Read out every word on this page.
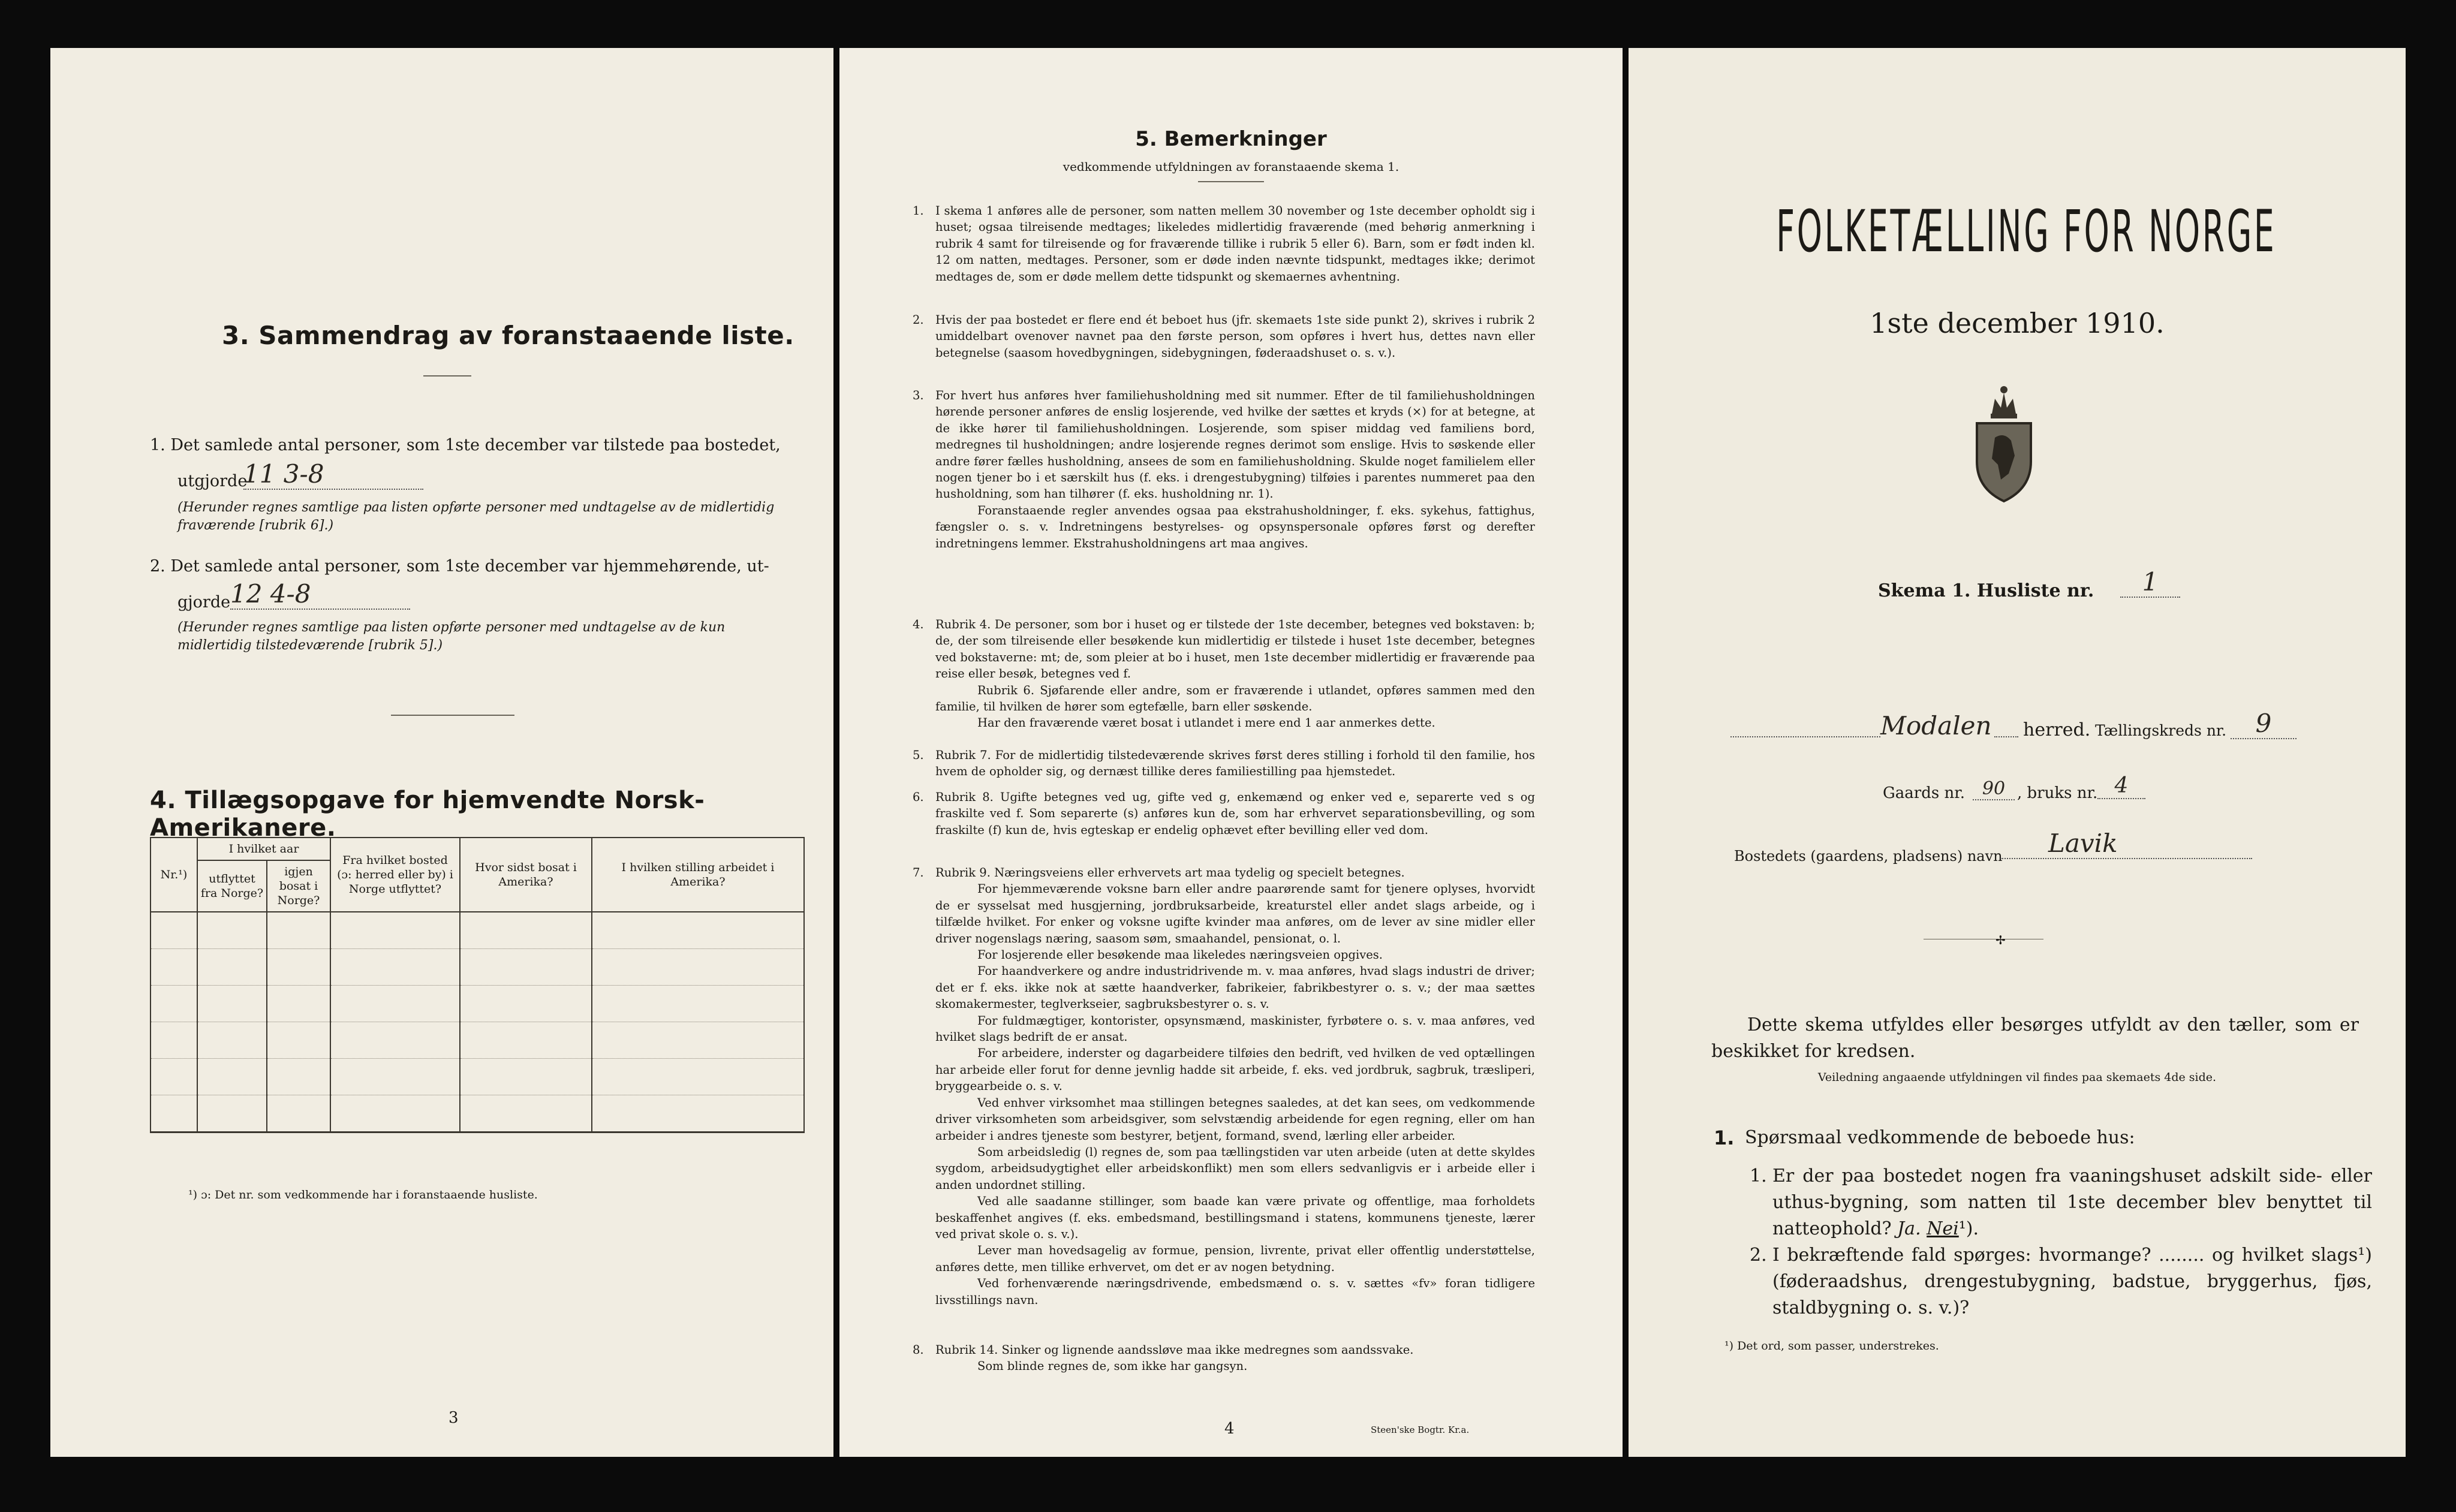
3. Sammendrag av foranstaaende liste.
1. Det samlede antal personer, som 1ste december var tilstede paa bostedet,
utgjorde
11 3-8
(Herunder regnes samtlige paa listen opførte personer med undtagelse av de midlertidig fraværende [rubrik 6].)
2. Det samlede antal personer, som 1ste december var hjemmehørende, ut-
gjorde 12 4-8
(Herunder regnes samtlige paa listen opførte personer med undtagelse av de kun midlertidig tilstedeværende [rubrik 5].)
4. Tillægsopgave for hjemvendte Norsk-Amerikanere.
Nr.¹)	I hvilket aar		Fra hvilket bosted (ɔ: herred eller by) i Norge utflyttet?	Hvor sidst bosat i Amerika?	I hvilken stilling arbeidet i Amerika?
	utflyttet fra Norge?	igjen bosat i Norge?			

¹) ɔ: Det nr. som vedkommende har i foranstaaende husliste.
3
5. Bemerkninger
vedkommende utfyldningen av foranstaaende skema 1.
1. I skema 1 anføres alle de personer, som natten mellem 30 november og 1ste december opholdt sig i huset; ogsaa tilreisende medtages; likeledes midlertidig fraværende (med behørig anmerkning i rubrik 4 samt for tilreisende og for fraværende tillike i rubrik 5 eller 6). Barn, som er født inden kl. 12 om natten, medtages. Personer, som er døde inden nævnte tidspunkt, medtages ikke; derimot medtages de, som er døde mellem dette tidspunkt og skemaernes avhentning.

2. Hvis der paa bostedet er flere end ét beboet hus (jfr. skemaets 1ste side punkt 2), skrives i rubrik 2 umiddelbart ovenover navnet paa den første person, som opføres i hvert hus, dettes navn eller betegnelse (saasom hovedbygningen, sidebygningen, føderaadshuset o. s. v.).

3. For hvert hus anføres hver familiehusholdning med sit nummer. Efter de til familiehusholdningen hørende personer anføres de enslig losjerende, ved hvilke der sættes et kryds (×) for at betegne, at de ikke hører til familiehusholdningen. Losjerende, som spiser middag ved familiens bord, medregnes til husholdningen; andre losjerende regnes derimot som enslige. Hvis to søskende eller andre fører fælles husholdning, ansees de som en familiehusholdning. Skulde noget familielem eller nogen tjener bo i et særskilt hus (f. eks. i drengestubygning) tilføies i parentes nummeret paa den husholdning, som han tilhører (f. eks. husholdning nr. 1).

Foranstaaende regler anvendes ogsaa paa ekstrahusholdninger, f. eks. sykehus, fattighus, fængsler o. s. v. Indretningens bestyrelses- og opsynspersonale opføres først og derefter indretningens lemmer. Ekstrahusholdningens art maa angives.

4. Rubrik 4. De personer, som bor i huset og er tilstede der 1ste december, betegnes ved bokstaven: b; de, der som tilreisende eller besøkende kun midlertidig er tilstede i huset 1ste december, betegnes ved bokstaverne: mt; de, som pleier at bo i huset, men 1ste december midlertidig er fraværende paa reise eller besøk, betegnes ved f.

Rubrik 6. Sjøfarende eller andre, som er fraværende i utlandet, opføres sammen med den familie, til hvilken de hører som egtefælle, barn eller søskende.

Har den fraværende været bosat i utlandet i mere end 1 aar anmerkes dette.

5. Rubrik 7. For de midlertidig tilstedeværende skrives først deres stilling i forhold til den familie, hos hvem de opholder sig, og dernæst tillike deres familiestilling paa hjemstedet.

6. Rubrik 8. Ugifte betegnes ved ug, gifte ved g, enkemænd og enker ved e, separerte ved s og fraskilte ved f. Som separerte (s) anføres kun de, som har erhvervet separationsbevilling, og som fraskilte (f) kun de, hvis egteskap er endelig ophævet efter bevilling eller ved dom.

7. Rubrik 9. Næringsveiens eller erhvervets art maa tydelig og specielt betegnes.

For hjemmeværende voksne barn eller andre paarørende samt for tjenere oplyses, hvorvidt de er sysselsat med husgjerning, jordbruksarbeide, kreaturstel eller andet slags arbeide, og i tilfælde hvilket. For enker og voksne ugifte kvinder maa anføres, om de lever av sine midler eller driver nogenslags næring, saasom søm, smaahandel, pensionat, o. l.

For losjerende eller besøkende maa likeledes næringsveien opgives.

For haandverkere og andre industridrivende m. v. maa anføres, hvad slags industri de driver; det er f. eks. ikke nok at sætte haandverker, fabrikeier, fabrikbestyrer o. s. v.; der maa sættes skomakermester, teglverkseier, sagbruksbestyrer o. s. v.

For fuldmægtiger, kontorister, opsynsmænd, maskinister, fyrbøtere o. s. v. maa anføres, ved hvilket slags bedrift de er ansat.

For arbeidere, inderster og dagarbeidere tilføies den bedrift, ved hvilken de ved optællingen har arbeide eller forut for denne jevnlig hadde sit arbeide, f. eks. ved jordbruk, sagbruk, træsliperi, bryggearbeide o. s. v.

Ved enhver virksomhet maa stillingen betegnes saaledes, at det kan sees, om vedkommende driver virksomheten som arbeidsgiver, som selvstændig arbeidende for egen regning, eller om han arbeider i andres tjeneste som bestyrer, betjent, formand, svend, lærling eller arbeider.

Som arbeidsledig (l) regnes de, som paa tællingstiden var uten arbeide (uten at dette skyldes sygdom, arbeidsudygtighet eller arbeidskonflikt) men som ellers sedvanligvis er i arbeide eller i anden undordnet stilling.

Ved alle saadanne stillinger, som baade kan være private og offentlige, maa forholdets beskaffenhet angives (f. eks. embedsmand, bestillingsmand i statens, kommunens tjeneste, lærer ved privat skole o. s. v.).

Lever man hovedsagelig av formue, pension, livrente, privat eller offentlig understøttelse, anføres dette, men tillike erhvervet, om det er av nogen betydning.

Ved forhenværende næringsdrivende, embedsmænd o. s. v. sættes «fv» foran tidligere livsstillings navn.

8. Rubrik 14. Sinker og lignende aandssløve maa ikke medregnes som aandssvake.

Som blinde regnes de, som ikke har gangsyn.

4	Steen'ske Bogtr. Kr.a.
FOLKETÆLLING FOR NORGE
1ste december 1910.
Skema 1. Husliste nr.	1
Modalen	herred. Tællingskreds nr.	9
Gaards nr. 90 , bruks nr. 4
Bostedets (gaardens, pladsens) navn	Lavik
✢
Dette skema utfyldes eller besørges utfyldt av den tæller, som er beskikket for kredsen.
Veiledning angaaende utfyldningen vil findes paa skemaets 4de side.
1. Spørsmaal vedkommende de beboede hus:
1. Er der paa bostedet nogen fra vaaningshuset adskilt side- eller uthus-bygning, som natten til 1ste december blev benyttet til natteophold? Ja. Nei¹).
2. I bekræftende fald spørges: hvormange? ........ og hvilket slags¹) (føderaadshus, drengestubygning, badstue, bryggerhus, fjøs, staldbygning o. s. v.)?
¹) Det ord, som passer, understrekes.
